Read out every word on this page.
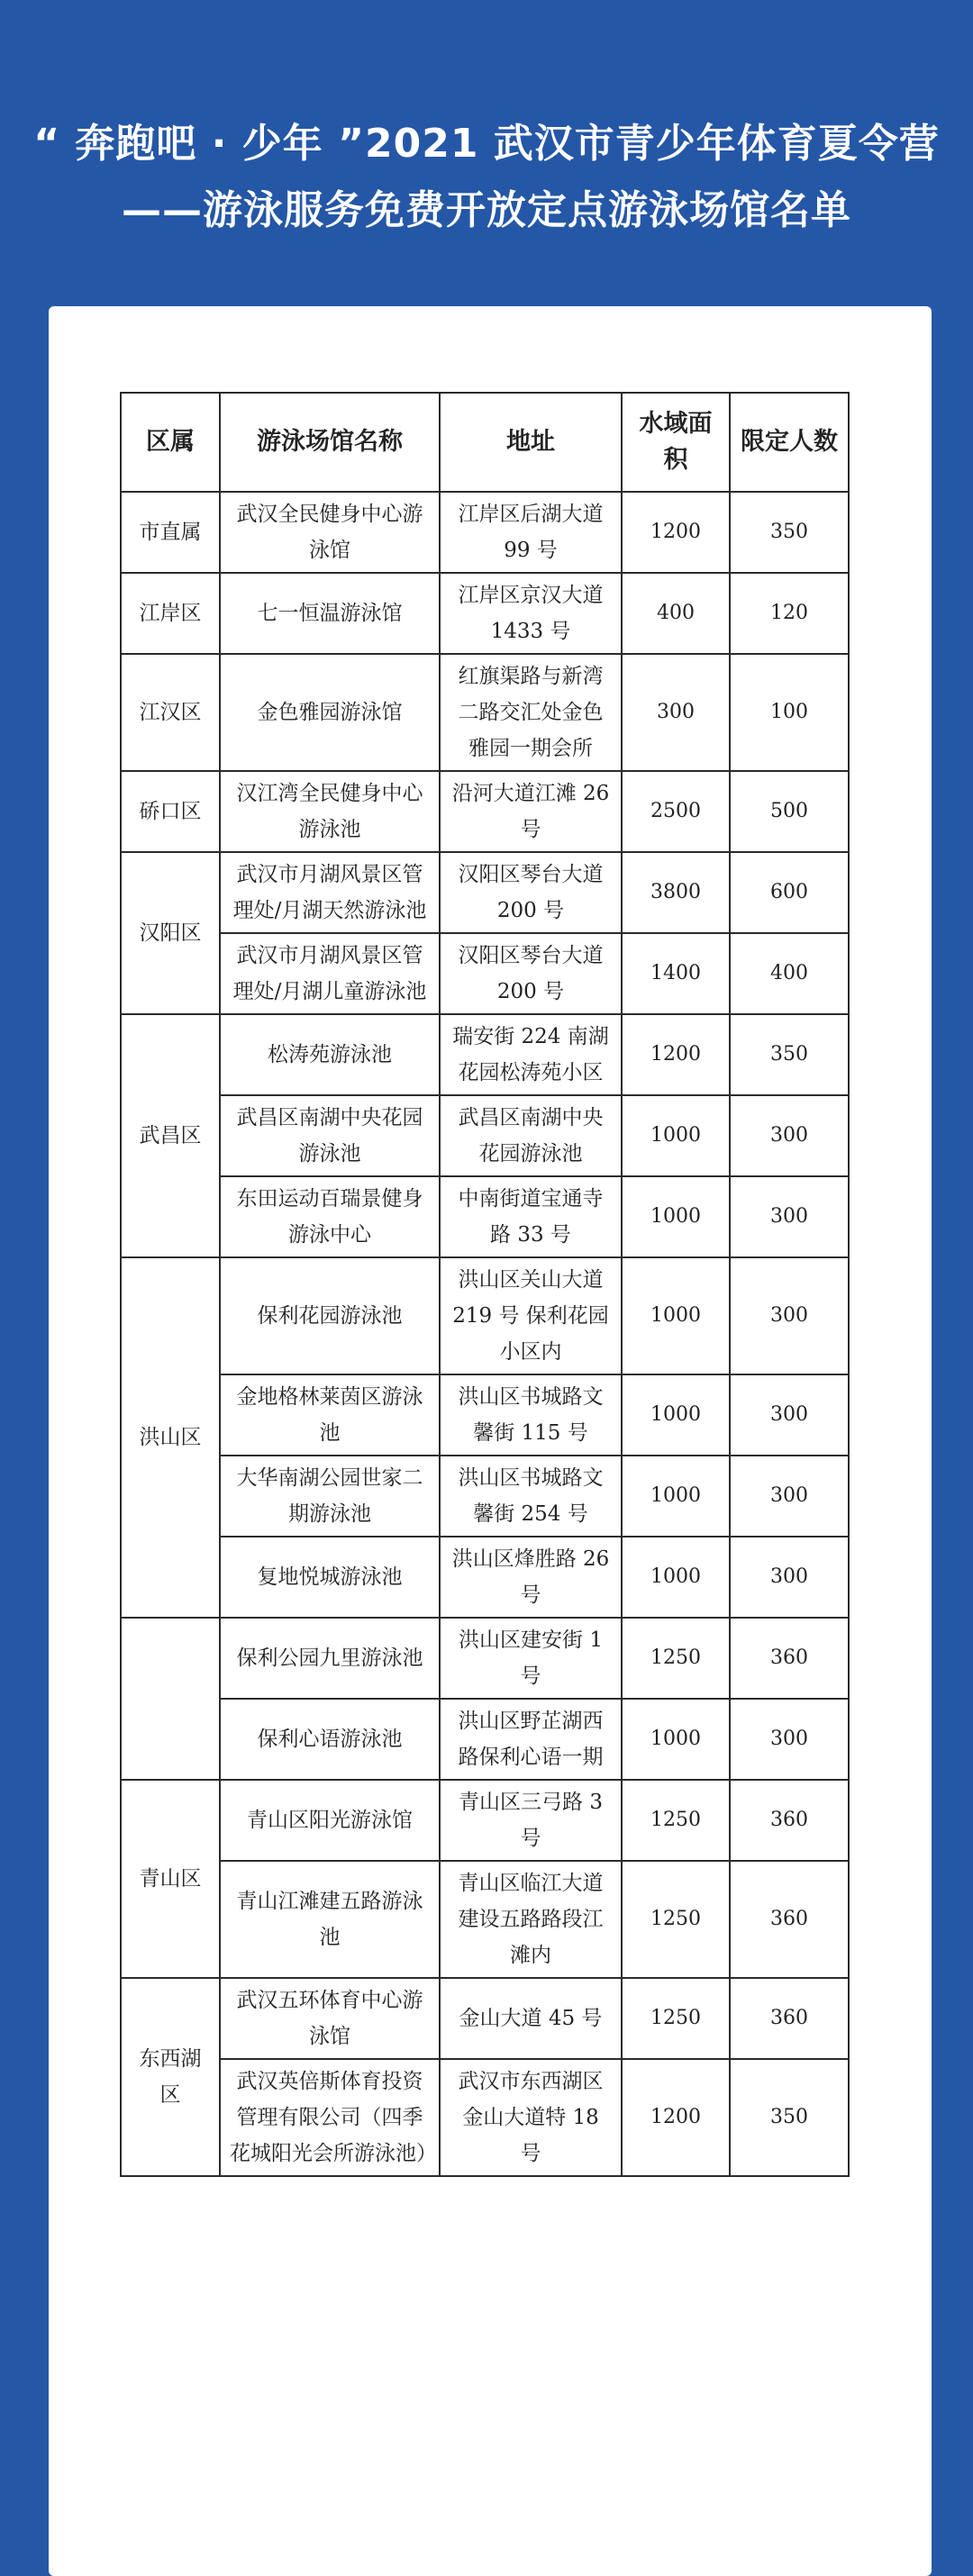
“ 奔跑吧 · 少年 ”2021 武汉市青少年体育夏令营
——游泳服务免费开放定点游泳场馆名单
区属	游泳场馆名称	地址	水域面积	限定人数
市直属	武汉全民健身中心游泳馆	江岸区后湖大道 99 号	1200	350
江岸区	七一恒温游泳馆	江岸区京汉大道 1433 号	400	120
江汉区	金色雅园游泳馆	红旗渠路与新湾二路交汇处金色雅园一期会所	300	100
硚口区	汉江湾全民健身中心游泳池	沿河大道江滩 26 号	2500	500
汉阳区	武汉市月湖风景区管理处/月湖天然游泳池	汉阳区琴台大道 200 号	3800	600
	武汉市月湖风景区管理处/月湖儿童游泳池	汉阳区琴台大道 200 号	1400	400
武昌区	松涛苑游泳池	瑞安街 224 南湖花园松涛苑小区	1200	350
	武昌区南湖中央花园游泳池	武昌区南湖中央花园游泳池	1000	300
	东田运动百瑞景健身游泳中心	中南街道宝通寺路 33 号	1000	300
洪山区	保利花园游泳池	洪山区关山大道 219 号 保利花园小区内	1000	300
	金地格林莱茵区游泳池	洪山区书城路文馨街 115 号	1000	300
	大华南湖公园世家二期游泳池	洪山区书城路文馨街 254 号	1000	300
	复地悦城游泳池	洪山区烽胜路 26 号	1000	300
	保利公园九里游泳池	洪山区建安街 1 号	1250	360
	保利心语游泳池	洪山区野芷湖西路保利心语一期	1000	300
青山区	青山区阳光游泳馆	青山区三弓路 3 号	1250	360
	青山江滩建五路游泳池	青山区临江大道建设五路路段江滩内	1250	360
东西湖区	武汉五环体育中心游泳馆	金山大道 45 号	1250	360
	武汉英倍斯体育投资管理有限公司（四季花城阳光会所游泳池）	武汉市东西湖区金山大道特 18 号	1200	350
